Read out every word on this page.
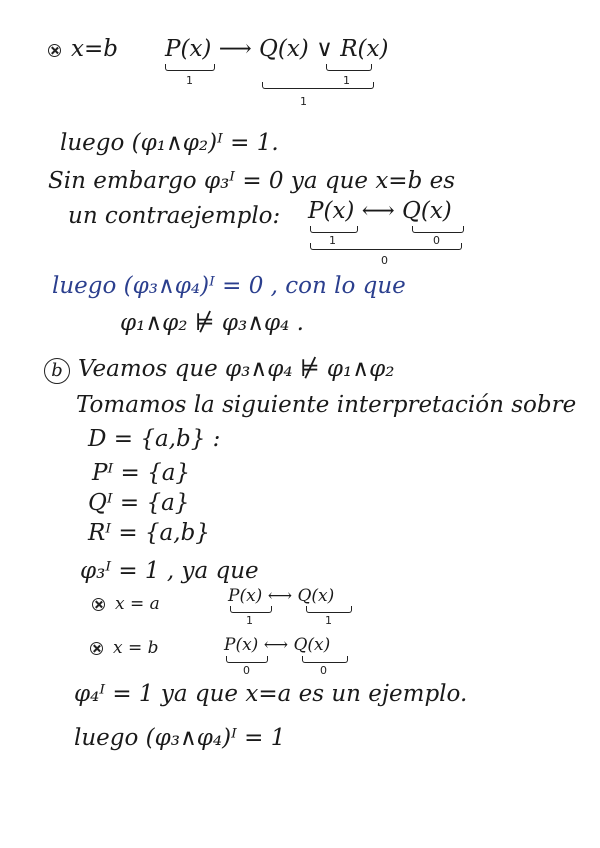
x=b P(x) ⟶ Q(x) ∨ R(x)
1	1
1
luego (φ₁∧φ₂)ᴵ = 1.
Sin embargo φ₃ᴵ = 0 ya que x=b es
un contraejemplo: P(x) ⟷ Q(x)
1	0
0
luego (φ₃∧φ₄)ᴵ = 0 , con lo que
φ₁∧φ₂ ⊭ φ₃∧φ₄ .
b Veamos que φ₃∧φ₄ ⊭ φ₁∧φ₂
Tomamos la siguiente interpretación sobre
D = {a,b} :
Pᴵ = {a}
Qᴵ = {a}
Rᴵ = {a,b}
φ₃ᴵ = 1 , ya que
x = a	P(x) ⟷ Q(x)
1	1
x = b	P(x) ⟷ Q(x)
0	0
φ₄ᴵ = 1 ya que x=a es un ejemplo.
luego (φ₃∧φ₄)ᴵ = 1
